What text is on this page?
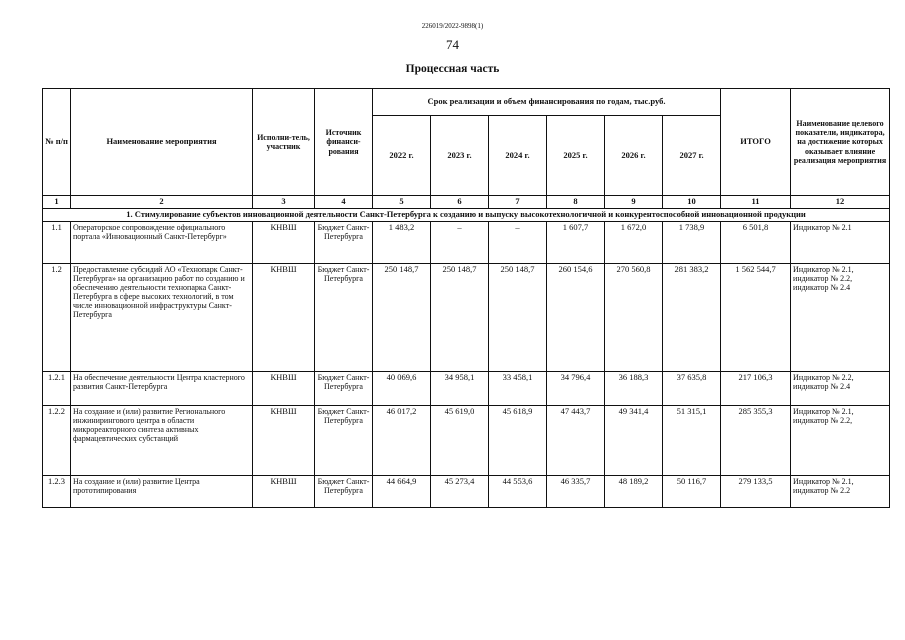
226019/2022-9898(1)
74
Процессная часть
№ п/п	Наименование мероприятия	Исполни-тель, участник	Источник финанси-рования	Срок реализации и объем финансирования по годам, тыс.руб.						ИТОГО	Наименование целевого показатели, индикатора, на достижение которых оказывает влияние реализация мероприятия
				2022 г.	2023 г.	2024 г.	2025 г.	2026 г.	2027 г.		
1	2	3	4	5	6	7	8	9	10	11	12
1. Стимулирование субъектов инновационной деятельности Санкт-Петербурга к созданию и выпуску высокотехнологичной и конкурентоспособной инновационной продукции											
1.1	Операторское сопровождение официального портала «Инновационный Санкт-Петербург»	КНВШ	Бюджет Санкт-Петербурга	1 483,2	–	–	1 607,7	1 672,0	1 738,9	6 501,8	Индикатор № 2.1
1.2	Предоставление субсидий АО «Технопарк Санкт-Петербурга» на организацию работ по созданию и обеспечению деятельности технопарка Санкт-Петербурга в сфере высоких технологий, в том числе инновационной инфраструктуры Санкт-Петербурга	КНВШ	Бюджет Санкт-Петербурга	250 148,7	250 148,7	250 148,7	260 154,6	270 560,8	281 383,2	1 562 544,7	Индикатор № 2.1, индикатор № 2.2, индикатор № 2.4
1.2.1	На обеспечение деятельности Центра кластерного развития Санкт-Петербурга	КНВШ	Бюджет Санкт-Петербурга	40 069,6	34 958,1	33 458,1	34 796,4	36 188,3	37 635,8	217 106,3	Индикатор № 2.2, индикатор № 2.4
1.2.2	На создание и (или) развитие Регионального инжинирингового центра в области микрореакторного синтеза активных фармацевтических субстанций	КНВШ	Бюджет Санкт-Петербурга	46 017,2	45 619,0	45 618,9	47 443,7	49 341,4	51 315,1	285 355,3	Индикатор № 2.1, индикатор № 2.2,
1.2.3	На создание и (или) развитие Центра прототипирования	КНВШ	Бюджет Санкт-Петербурга	44 664,9	45 273,4	44 553,6	46 335,7	48 189,2	50 116,7	279 133,5	Индикатор № 2.1, индикатор № 2.2
